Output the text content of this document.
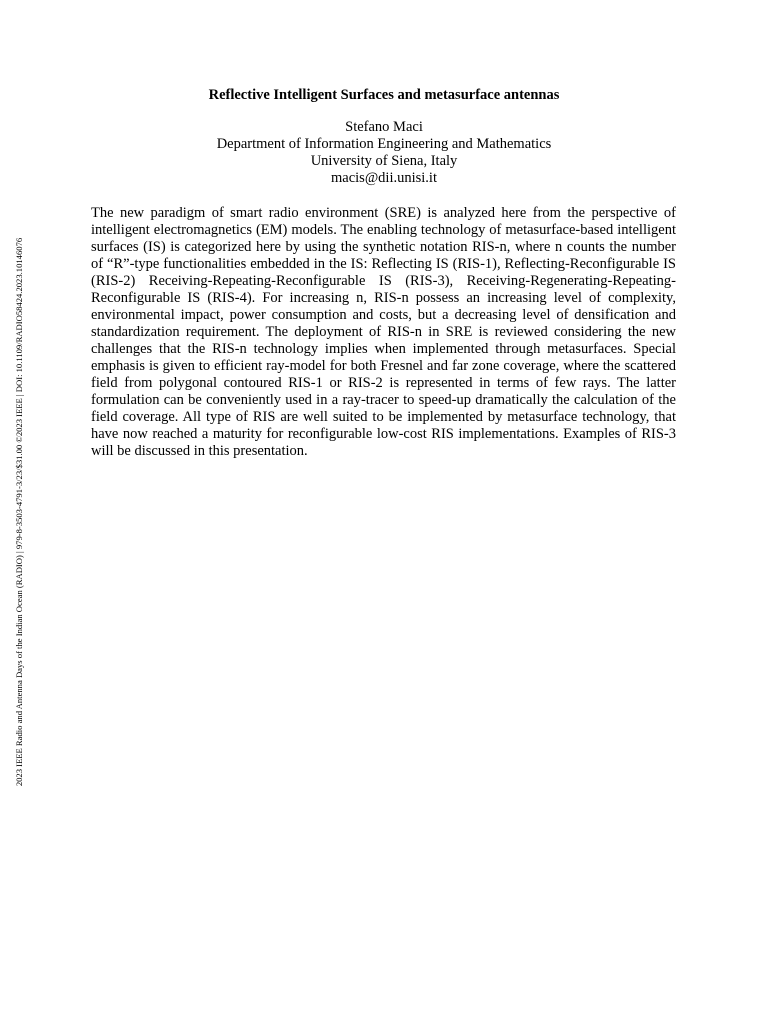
2023 IEEE Radio and Antenna Days of the Indian Ocean (RADIO) | 979-8-3503-4791-3/23/$31.00 ©2023 IEEE | DOI: 10.1109/RADIO58424.2023.10146076
Reflective Intelligent Surfaces and metasurface antennas
Stefano Maci
Department of Information Engineering and Mathematics
University of Siena, Italy
macis@dii.unisi.it

The new paradigm of smart radio environment (SRE) is analyzed here from the perspective of intelligent electromagnetics (EM) models. The enabling technology of metasurface-based intelligent surfaces (IS) is categorized here by using the synthetic notation RIS-n, where n counts the number of “R”-type functionalities embedded in the IS: Reflecting IS (RIS-1), Reflecting-Reconfigurable IS (RIS-2) Receiving-Repeating-Reconfigurable IS (RIS-3), Receiving-Regenerating-Repeating-Reconfigurable IS (RIS-4). For increasing n, RIS-n possess an increasing level of complexity, environmental impact, power consumption and costs, but a decreasing level of densification and standardization requirement. The deployment of RIS-n in SRE is reviewed considering the new challenges that the RIS-n technology implies when implemented through metasurfaces. Special emphasis is given to efficient ray-model for both Fresnel and far zone coverage, where the scattered field from polygonal contoured RIS-1 or RIS-2 is represented in terms of few rays. The latter formulation can be conveniently used in a ray-tracer to speed-up dramatically the calculation of the field coverage. All type of RIS are well suited to be implemented by metasurface technology, that have now reached a maturity for reconfigurable low-cost RIS implementations. Examples of RIS-3 will be discussed in this presentation.
